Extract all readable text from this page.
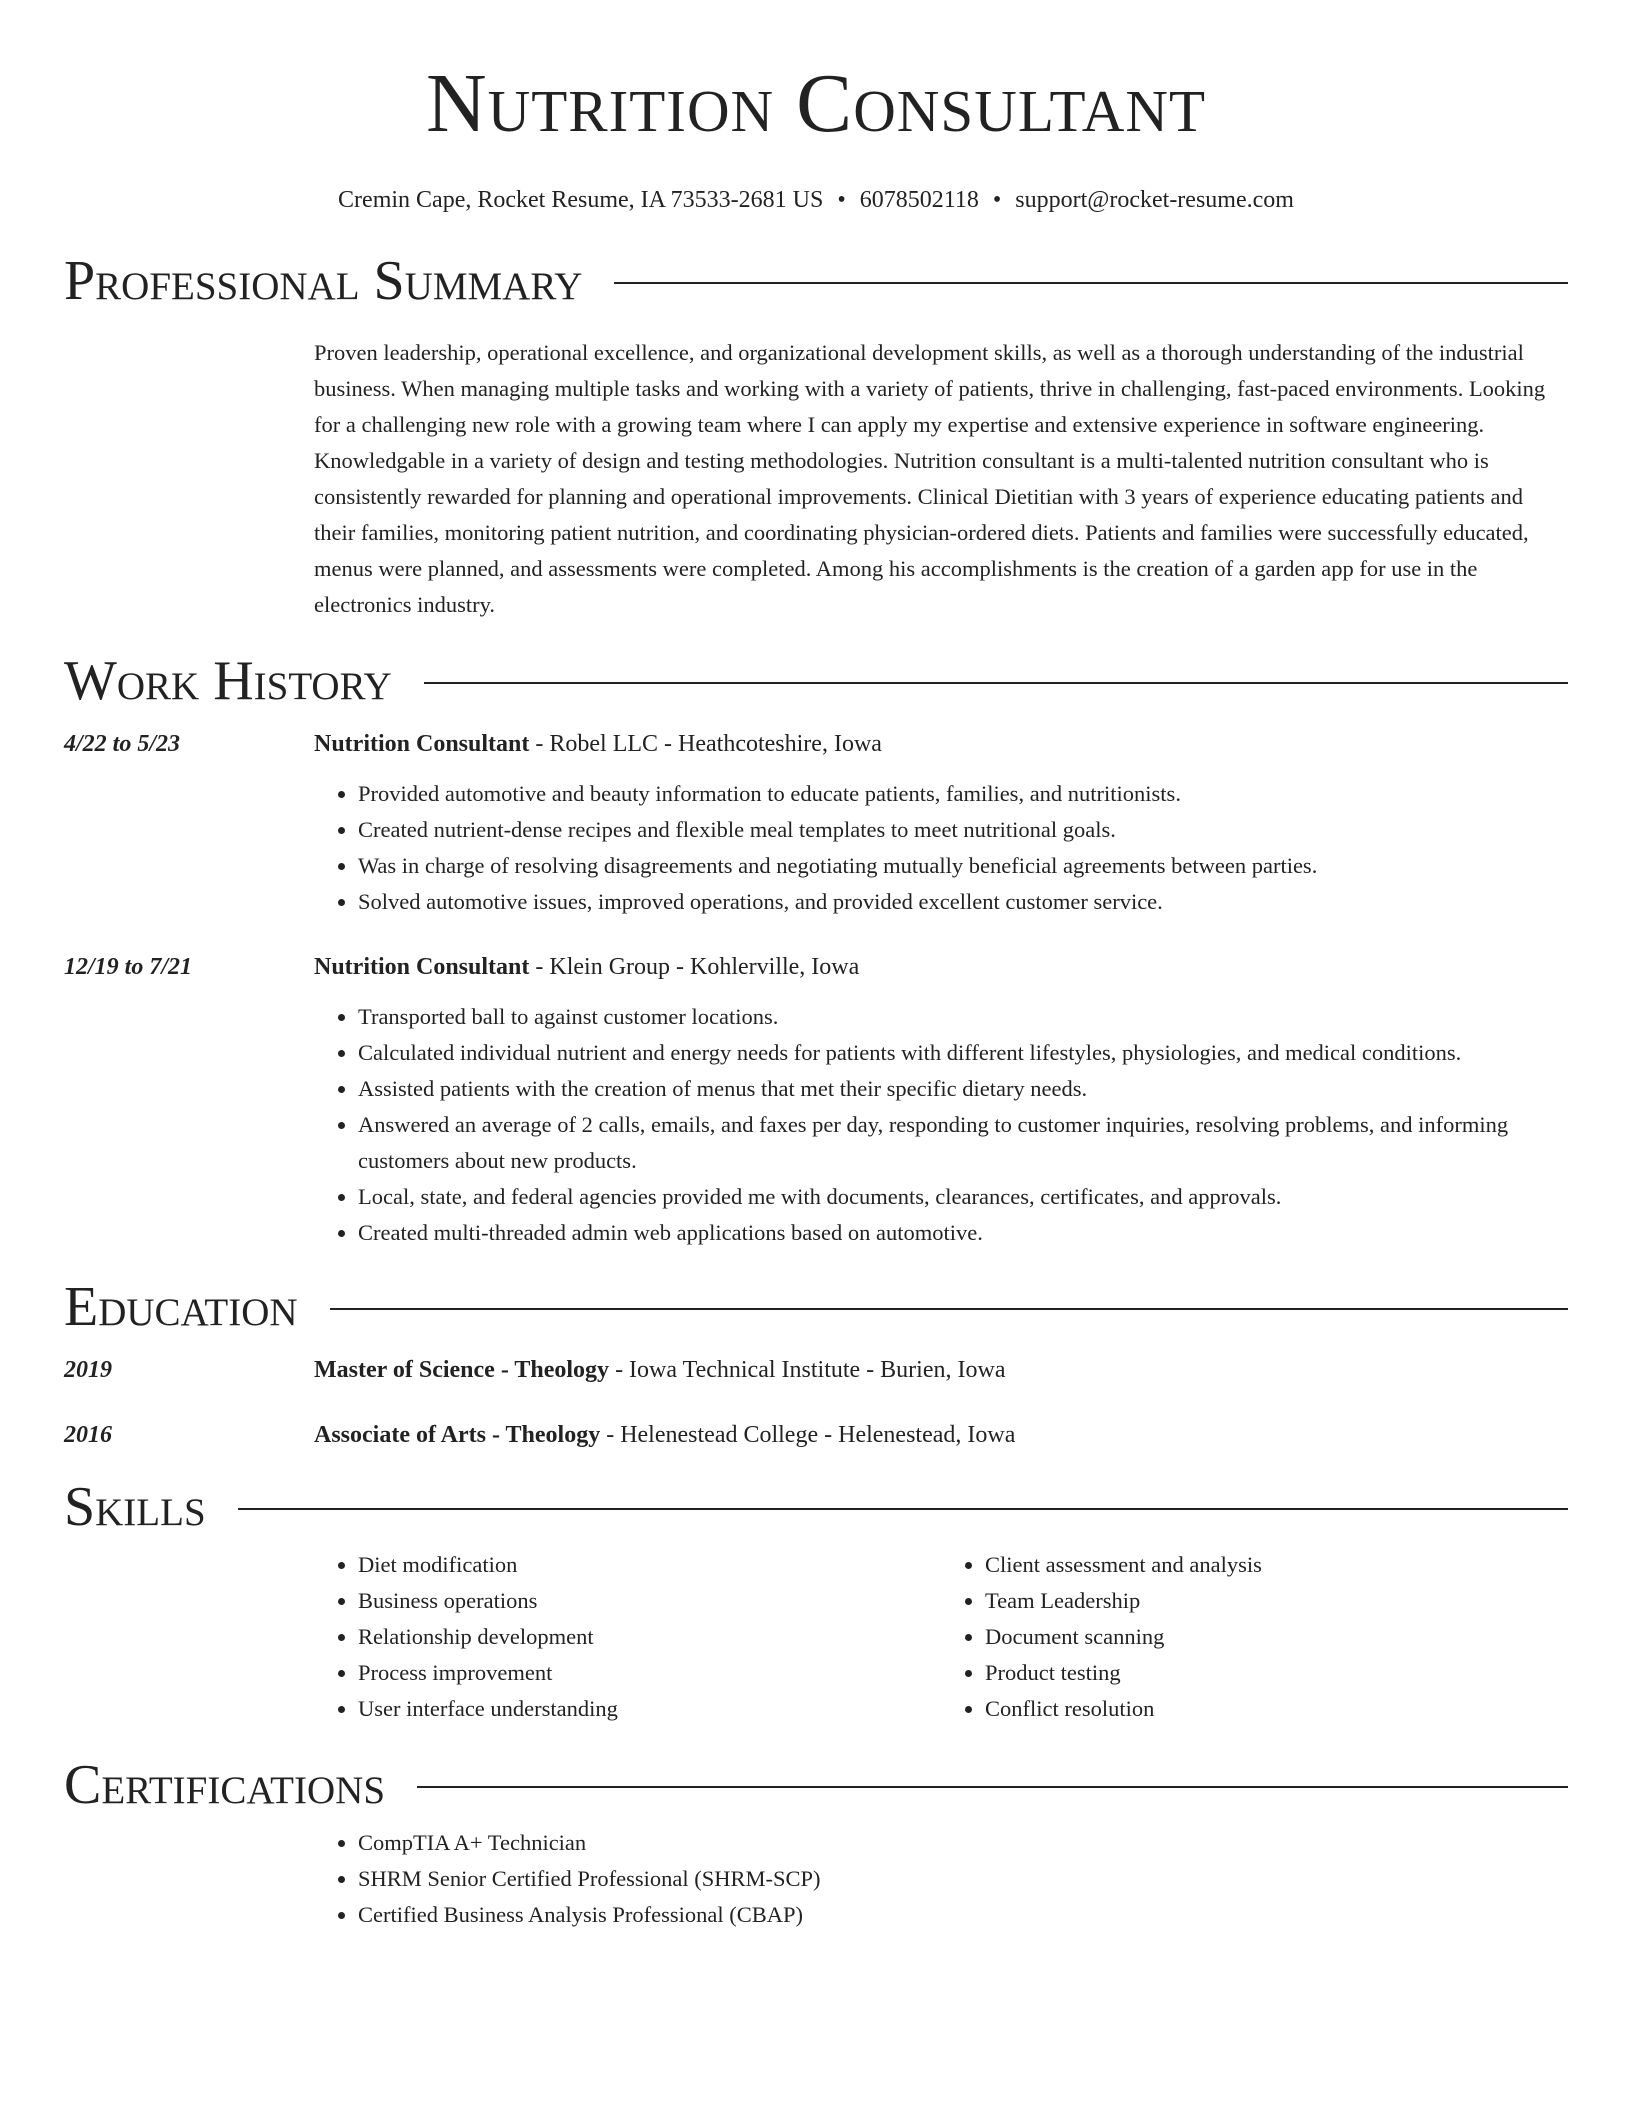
Nutrition Consultant
Cremin Cape, Rocket Resume, IA 73533-2681 US • 6078502118 • support@rocket-resume.com
Professional Summary

Proven leadership, operational excellence, and organizational development skills, as well as a thorough understanding of the industrial business. When managing multiple tasks and working with a variety of patients, thrive in challenging, fast-paced environments. Looking for a challenging new role with a growing team where I can apply my expertise and extensive experience in software engineering. Knowledgable in a variety of design and testing methodologies. Nutrition consultant is a multi-talented nutrition consultant who is consistently rewarded for planning and operational improvements. Clinical Dietitian with 3 years of experience educating patients and their families, monitoring patient nutrition, and coordinating physician-ordered diets. Patients and families were successfully educated, menus were planned, and assessments were completed. Among his accomplishments is the creation of a garden app for use in the electronics industry.

Work History
4/22 to 5/23	Nutrition Consultant - Robel LLC - Heathcoteshire, Iowa
• Provided automotive and beauty information to educate patients, families, and nutritionists.
• Created nutrient-dense recipes and flexible meal templates to meet nutritional goals.
• Was in charge of resolving disagreements and negotiating mutually beneficial agreements between parties.
• Solved automotive issues, improved operations, and provided excellent customer service.
12/19 to 7/21	Nutrition Consultant - Klein Group - Kohlerville, Iowa
• Transported ball to against customer locations.
• Calculated individual nutrient and energy needs for patients with different lifestyles, physiologies, and medical conditions.
• Assisted patients with the creation of menus that met their specific dietary needs.
• Answered an average of 2 calls, emails, and faxes per day, responding to customer inquiries, resolving problems, and informing customers about new products.
• Local, state, and federal agencies provided me with documents, clearances, certificates, and approvals.
• Created multi-threaded admin web applications based on automotive.
Education
2019	Master of Science - Theology - Iowa Technical Institute - Burien, Iowa
2016	Associate of Arts - Theology - Helenestead College - Helenestead, Iowa
Skills
• Diet modification
• Business operations
• Relationship development
• Process improvement
• User interface understanding
• Client assessment and analysis
• Team Leadership
• Document scanning
• Product testing
• Conflict resolution
Certifications
• CompTIA A+ Technician
• SHRM Senior Certified Professional (SHRM-SCP)
• Certified Business Analysis Professional (CBAP)
